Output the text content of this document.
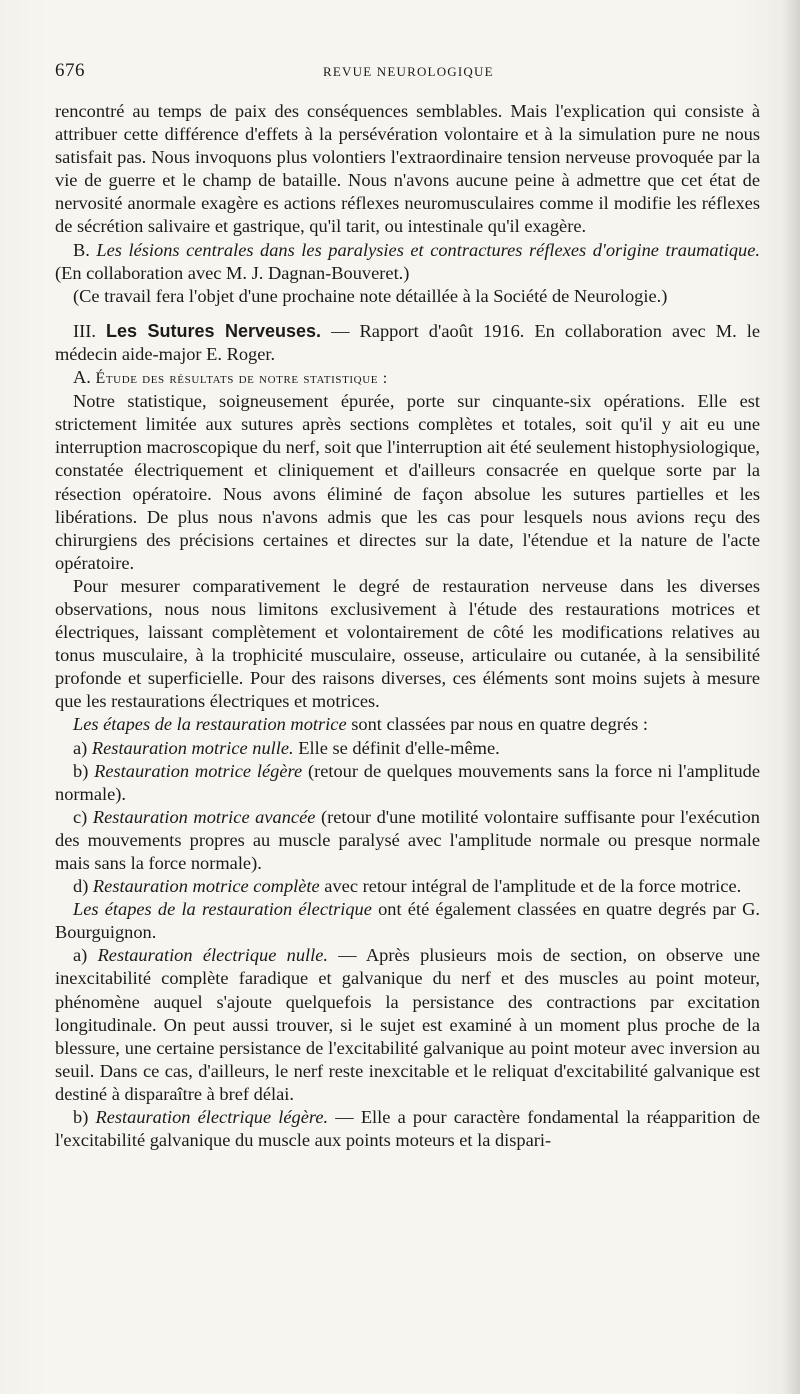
676	REVUE NEUROLOGIQUE

rencontré au temps de paix des conséquences semblables. Mais l'explication qui consiste à attribuer cette différence d'effets à la persévération volontaire et à la simulation pure ne nous satisfait pas. Nous invoquons plus volontiers l'extraordinaire tension nerveuse provoquée par la vie de guerre et le champ de bataille. Nous n'avons aucune peine à admettre que cet état de nervosité anormale exagère es actions réflexes neuromusculaires comme il modifie les réflexes de sécrétion salivaire et gastrique, qu'il tarit, ou intestinale qu'il exagère.

B. Les lésions centrales dans les paralysies et contractures réflexes d'origine traumatique. (En collaboration avec M. J. Dagnan-Bouveret.)

(Ce travail fera l'objet d'une prochaine note détaillée à la Société de Neurologie.)

III. Les Sutures Nerveuses. — Rapport d'août 1916. En collaboration avec M. le médecin aide-major E. Roger.

A. Étude des résultats de notre statistique :

Notre statistique, soigneusement épurée, porte sur cinquante-six opérations. Elle est strictement limitée aux sutures après sections complètes et totales, soit qu'il y ait eu une interruption macroscopique du nerf, soit que l'interruption ait été seulement histophysiologique, constatée électriquement et cliniquement et d'ailleurs consacrée en quelque sorte par la résection opératoire. Nous avons éliminé de façon absolue les sutures partielles et les libérations. De plus nous n'avons admis que les cas pour lesquels nous avions reçu des chirurgiens des précisions certaines et directes sur la date, l'étendue et la nature de l'acte opératoire.

Pour mesurer comparativement le degré de restauration nerveuse dans les diverses observations, nous nous limitons exclusivement à l'étude des restaurations motrices et électriques, laissant complètement et volontairement de côté les modifications relatives au tonus musculaire, à la trophicité musculaire, osseuse, articulaire ou cutanée, à la sensibilité profonde et superficielle. Pour des raisons diverses, ces éléments sont moins sujets à mesure que les restaurations électriques et motrices.

Les étapes de la restauration motrice sont classées par nous en quatre degrés :

a) Restauration motrice nulle. Elle se définit d'elle-même.

b) Restauration motrice légère (retour de quelques mouvements sans la force ni l'amplitude normale).

c) Restauration motrice avancée (retour d'une motilité volontaire suffisante pour l'exécution des mouvements propres au muscle paralysé avec l'amplitude normale ou presque normale mais sans la force normale).

d) Restauration motrice complète avec retour intégral de l'amplitude et de la force motrice.

Les étapes de la restauration électrique ont été également classées en quatre degrés par G. Bourguignon.

a) Restauration électrique nulle. — Après plusieurs mois de section, on observe une inexcitabilité complète faradique et galvanique du nerf et des muscles au point moteur, phénomène auquel s'ajoute quelquefois la persistance des contractions par excitation longitudinale. On peut aussi trouver, si le sujet est examiné à un moment plus proche de la blessure, une certaine persistance de l'excitabilité galvanique au point moteur avec inversion au seuil. Dans ce cas, d'ailleurs, le nerf reste inexcitable et le reliquat d'excitabilité galvanique est destiné à disparaître à bref délai.

b) Restauration électrique légère. — Elle a pour caractère fondamental la réapparition de l'excitabilité galvanique du muscle aux points moteurs et la dispari-
